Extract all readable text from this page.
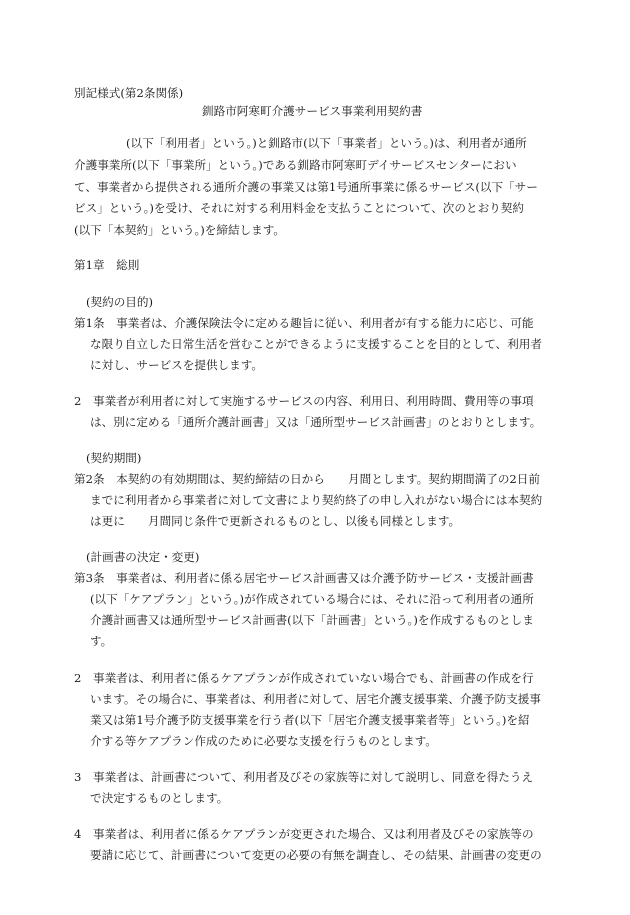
別記様式(第2条関係)
釧路市阿寒町介護サービス事業利用契約書
(以下「利用者」という。)と釧路市(以下「事業者」という。)は、利用者が通所
介護事業所(以下「事業所」という。)である釧路市阿寒町デイサービスセンターにおい
て、事業者から提供される通所介護の事業又は第1号通所事業に係るサービス(以下「サー
ビス」という。)を受け、それに対する利用料金を支払うことについて、次のとおり契約
(以下「本契約」という。)を締結します。
第1章　総則
(契約の目的)
第1条　事業者は、介護保険法令に定める趣旨に従い、利用者が有する能力に応じ、可能
な限り自立した日常生活を営むことができるように支援することを目的として、利用者
に対し、サービスを提供します。
2　事業者が利用者に対して実施するサービスの内容、利用日、利用時間、費用等の事項
は、別に定める「通所介護計画書」又は「通所型サービス計画書」のとおりとします。
(契約期間)
第2条　本契約の有効期間は、契約締結の日から　　月間とします。契約期間満了の2日前
までに利用者から事業者に対して文書により契約終了の申し入れがない場合には本契約
は更に　　月間同じ条件で更新されるものとし、以後も同様とします。
(計画書の決定・変更)
第3条　事業者は、利用者に係る居宅サービス計画書又は介護予防サービス・支援計画書
(以下「ケアプラン」という。)が作成されている場合には、それに沿って利用者の通所
介護計画書又は通所型サービス計画書(以下「計画書」という。)を作成するものとしま
す。
2　事業者は、利用者に係るケアプランが作成されていない場合でも、計画書の作成を行
います。その場合に、事業者は、利用者に対して、居宅介護支援事業、介護予防支援事
業又は第1号介護予防支援事業を行う者(以下「居宅介護支援事業者等」という。)を紹
介する等ケアプラン作成のために必要な支援を行うものとします。
3　事業者は、計画書について、利用者及びその家族等に対して説明し、同意を得たうえ
で決定するものとします。
4　事業者は、利用者に係るケアプランが変更された場合、又は利用者及びその家族等の
要請に応じて、計画書について変更の必要の有無を調査し、その結果、計画書の変更の
